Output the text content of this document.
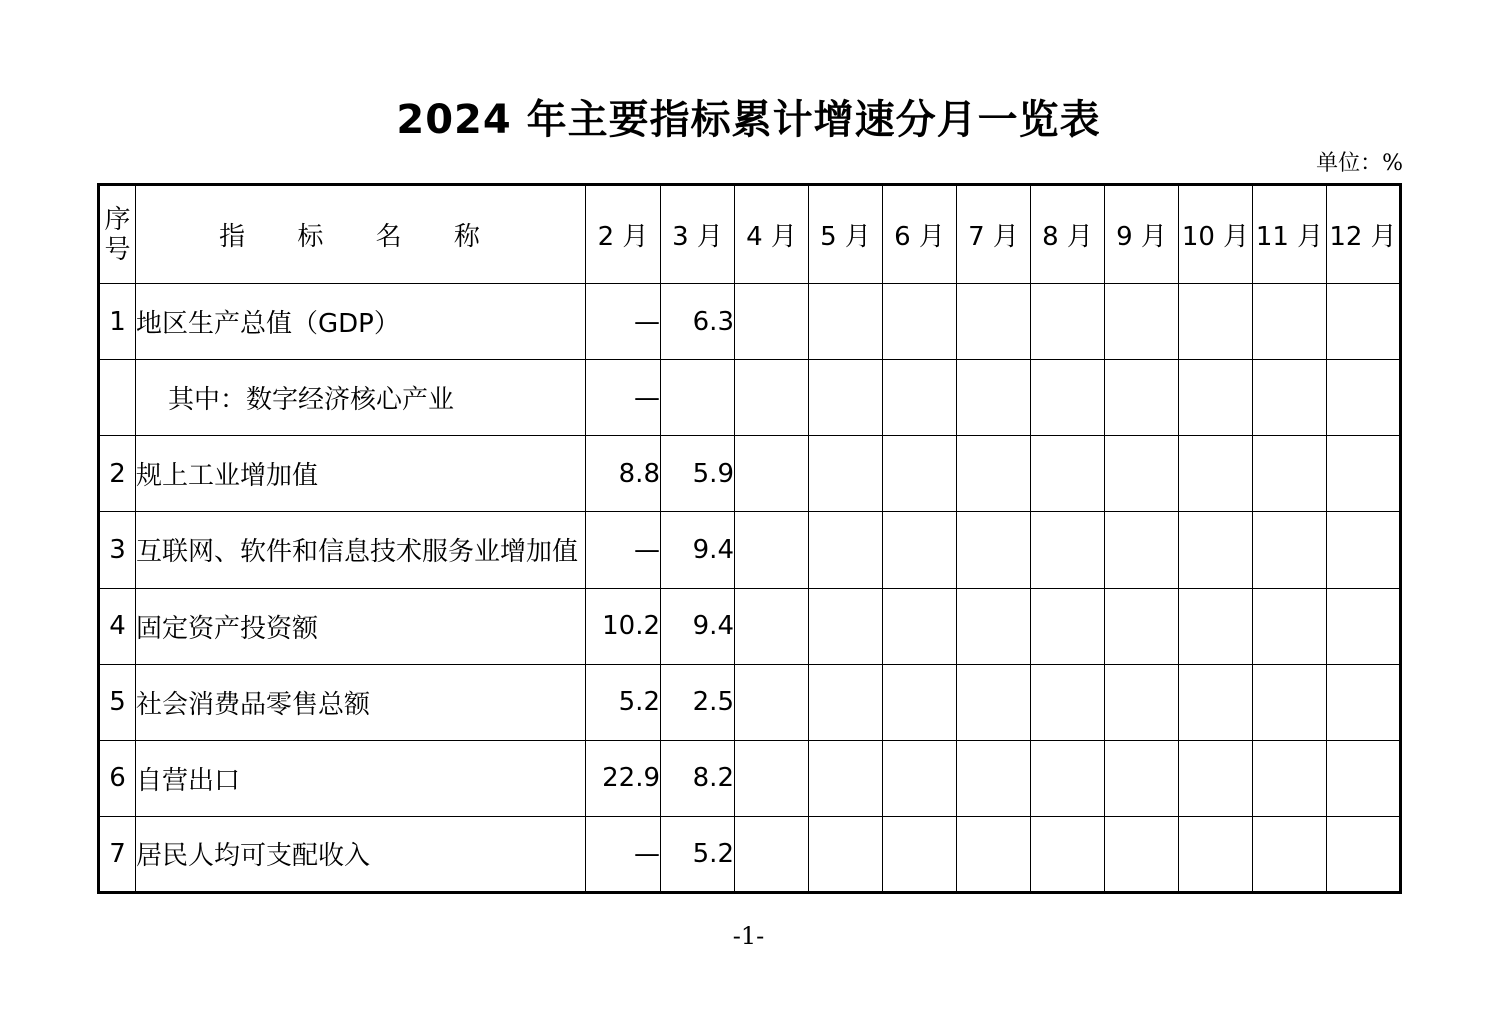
2024 年主要指标累计增速分月一览表
单位：%
序号	指 标 名 称	2 月	3 月	4 月	5 月	6 月	7 月	8 月	9 月	10 月	11 月	12 月
1	地区生产总值（GDP）	—	6.3									
	其中：数字经济核心产业	—										
2	规上工业增加值	8.8	5.9									
3	互联网、软件和信息技术服务业增加值	—	9.4									
4	固定资产投资额	10.2	9.4									
5	社会消费品零售总额	5.2	2.5									
6	自营出口	22.9	8.2									
7	居民人均可支配收入	—	5.2									
-1-
